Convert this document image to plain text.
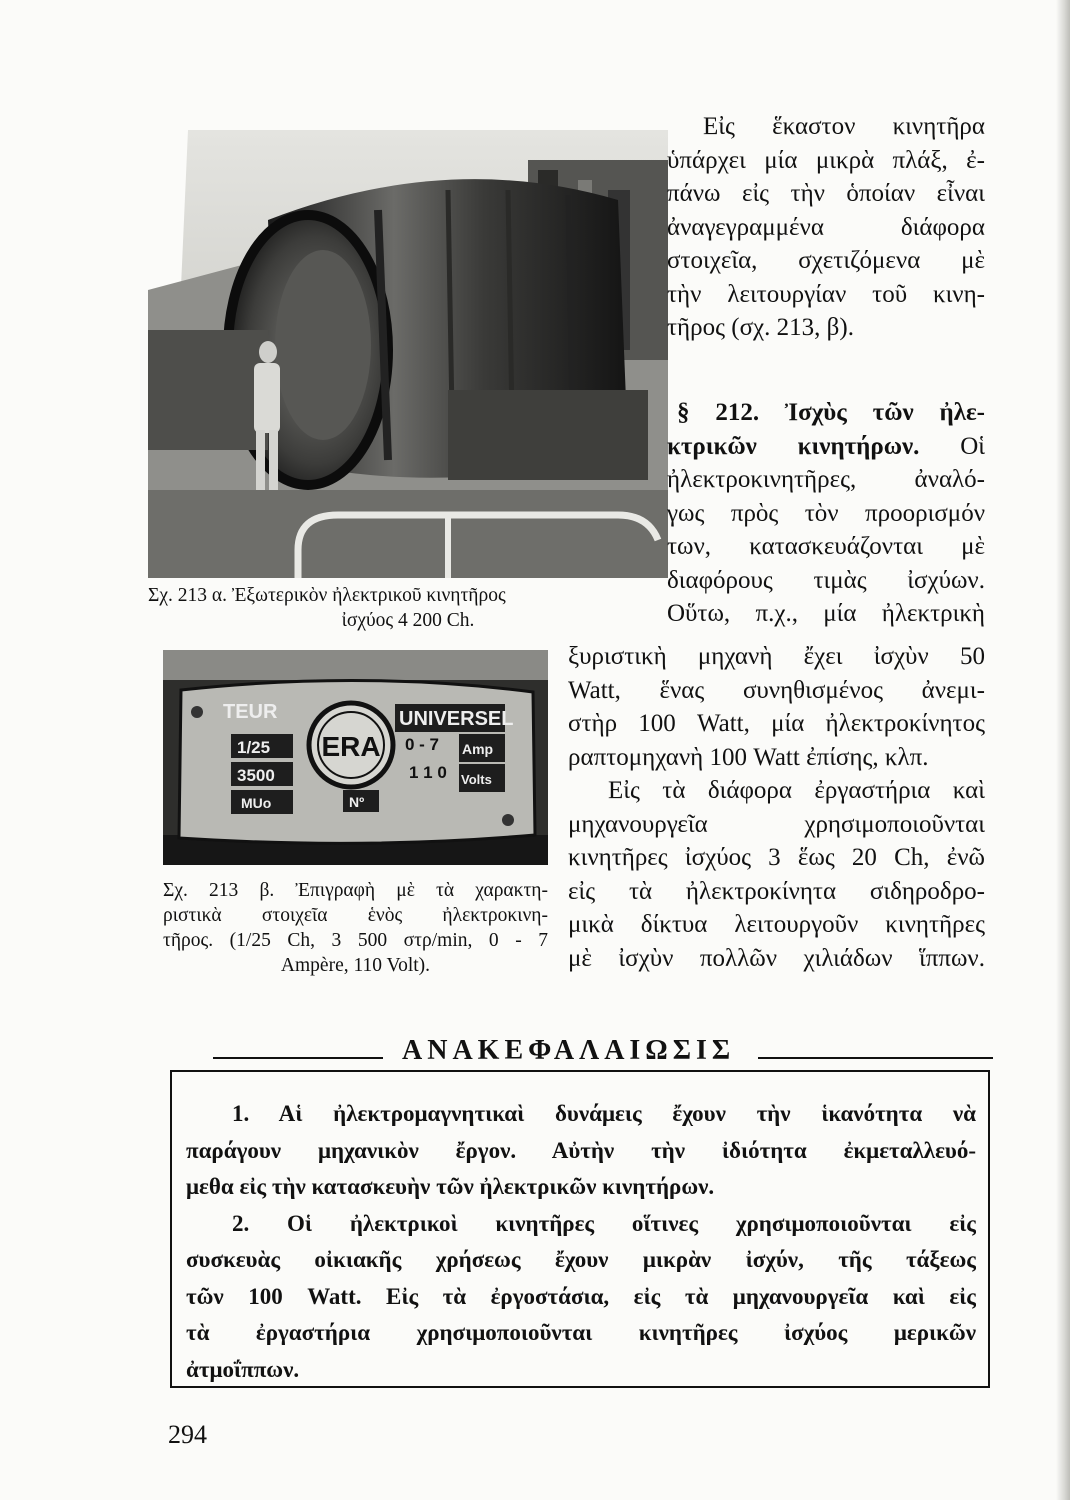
Σχ. 213 α. Ἐξωτερικὸν ἠλεκτρικοῦ κινητῆρος
ἰσχύος 4 200 Ch.

ERA
TEUR	UNIVERSEL
1/25
3500
MUo
0 - 7 Amp
1 1 0 Volts
Nº

Σχ. 213 β. Ἐπιγραφὴ μὲ τὰ χαρακτη-
ριστικὰ στοιχεῖα ἑνὸς ἠλεκτροκινη-
τῆρος. (1/25 Ch, 3 500 στρ/min, 0 - 7
Ampère, 110 Volt).

Εἰς ἕκαστον κινητῆρα
ὑπάρχει μία μικρὰ πλάξ, ἐ-
πάνω εἰς τὴν ὁποίαν εἶναι
ἀναγεγραμμένα διάφορα
στοιχεῖα, σχετιζόμενα μὲ
τὴν λειτουργίαν τοῦ κινη-
τῆρος (σχ. 213, β).

§ 212. Ἰσχὺς τῶν ἠλε-
κτρικῶν κινητήρων. Οἱ
ἠλεκτροκινητῆρες, ἀναλό-
γως πρὸς τὸν προορισμόν
των, κατασκευάζονται μὲ
διαφόρους τιμὰς ἰσχύων.
Οὕτω, π.χ., μία ἠλεκτρικὴ

ξυριστικὴ μηχανὴ ἔχει ἰσχὺν 50
Watt, ἕνας συνηθισμένος ἀνεμι-
στὴρ 100 Watt, μία ἠλεκτροκίνητος
ραπτομηχανὴ 100 Watt ἐπίσης, κλπ.
Εἰς τὰ διάφορα ἐργαστήρια καὶ
μηχανουργεῖα χρησιμοποιοῦνται
κινητῆρες ἰσχύος 3 ἕως 20 Ch, ἐνῶ
εἰς τὰ ἠλεκτροκίνητα σιδηροδρο-
μικὰ δίκτυα λειτουργοῦν κινητῆρες
μὲ ἰσχὺν πολλῶν χιλιάδων ἵππων.

ΑΝΑΚΕΦΑΛΑΙΩΣΙΣ

1. Αἱ ἠλεκτρομαγνητικαὶ δυνάμεις ἔχουν τὴν ἱκανότητα νὰ
παράγουν μηχανικὸν ἔργον. Αὐτὴν τὴν ἰδιότητα ἐκμεταλλευό-
μεθα εἰς τὴν κατασκευὴν τῶν ἠλεκτρικῶν κινητήρων.
2. Οἱ ἠλεκτρικοὶ κινητῆρες οἵτινες χρησιμοποιοῦνται εἰς
συσκευὰς οἰκιακῆς χρήσεως ἔχουν μικρὰν ἰσχύν, τῆς τάξεως
τῶν 100 Watt. Εἰς τὰ ἐργοστάσια, εἰς τὰ μηχανουργεῖα καὶ εἰς
τὰ ἐργαστήρια χρησιμοποιοῦνται κινητῆρες ἰσχύος μερικῶν
ἀτμοΐππων.

294
